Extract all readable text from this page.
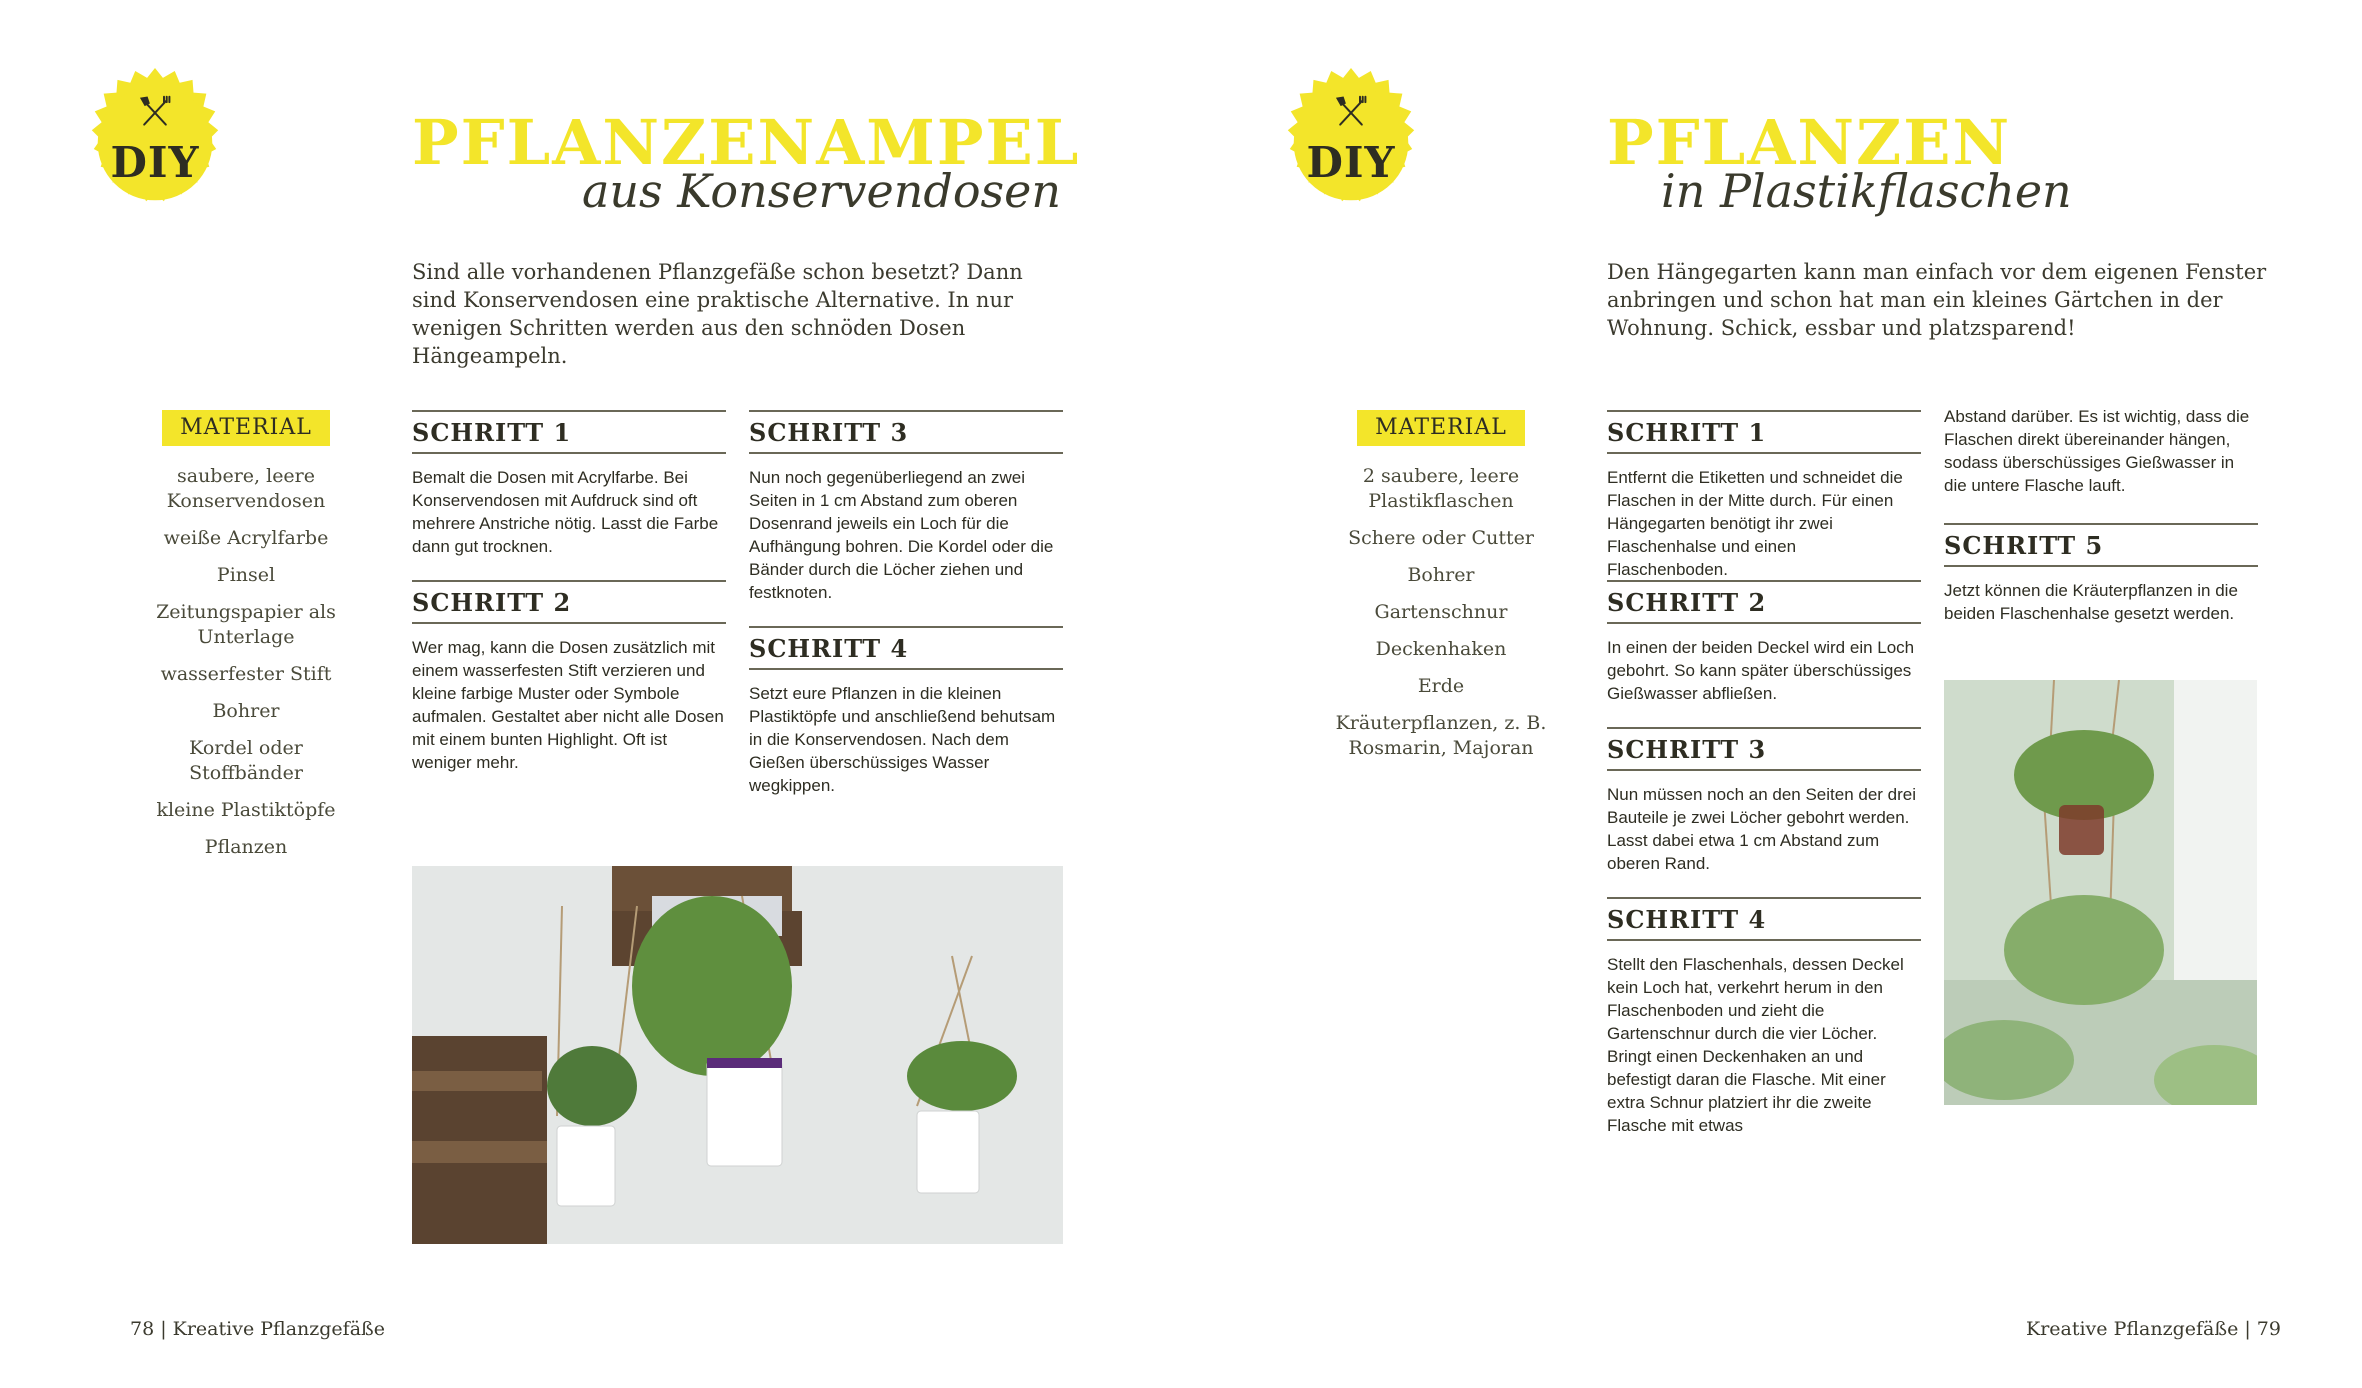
DIY	PFLANZENAMPEL
aus Konservendosen

Sind alle vorhandenen Pflanzgefäße schon besetzt? Dann sind Konservendosen eine praktische Alternative. In nur wenigen Schritten werden aus den schnöden Dosen Hängeampeln.

MATERIAL
saubere, leere Konservendosen
weiße Acrylfarbe
Pinsel
Zeitungspapier als Unterlage
wasserfester Stift
Bohrer
Kordel oder Stoffbänder
kleine Plastiktöpfe
Pflanzen
SCHRITT 1

Bemalt die Dosen mit Acrylfarbe. Bei Konservendosen mit Aufdruck sind oft mehrere Anstriche nötig. Lasst die Farbe dann gut trocknen.

SCHRITT 2

Wer mag, kann die Dosen zusätzlich mit einem wasserfesten Stift verzieren und kleine farbige Muster oder Symbole aufmalen. Gestaltet aber nicht alle Dosen mit einem bunten Highlight. Oft ist weniger mehr.

SCHRITT 3

Nun noch gegenüberliegend an zwei Seiten in 1 cm Abstand zum oberen Dosenrand jeweils ein Loch für die Aufhängung bohren. Die Kordel oder die Bänder durch die Löcher ziehen und festknoten.

SCHRITT 4

Setzt eure Pflanzen in die kleinen Plastiktöpfe und anschließend behutsam in die Konservendosen. Nach dem Gießen überschüssiges Wasser wegkippen.

78 | Kreative Pflanzgefäße

DIY	PFLANZEN
in Plastikflaschen

Den Hängegarten kann man einfach vor dem eigenen Fenster anbringen und schon hat man ein kleines Gärtchen in der Wohnung. Schick, essbar und platzsparend!

MATERIAL
2 saubere, leere Plastikflaschen
Schere oder Cutter
Bohrer
Gartenschnur
Deckenhaken
Erde
Kräuterpflanzen, z. B. Rosmarin, Majoran
SCHRITT 1

Entfernt die Etiketten und schneidet die Flaschen in der Mitte durch. Für einen Hängegarten benötigt ihr zwei Flaschenhalse und einen Flaschenboden.

SCHRITT 2

In einen der beiden Deckel wird ein Loch gebohrt. So kann später überschüssiges Gießwasser abfließen.

SCHRITT 3

Nun müssen noch an den Seiten der drei Bauteile je zwei Löcher gebohrt werden. Lasst dabei etwa 1 cm Abstand zum oberen Rand.

SCHRITT 4

Stellt den Flaschenhals, dessen Deckel kein Loch hat, verkehrt herum in den Flaschenboden und zieht die Gartenschnur durch die vier Löcher. Bringt einen Deckenhaken an und befestigt daran die Flasche. Mit einer extra Schnur platziert ihr die zweite Flasche mit etwas

Abstand darüber. Es ist wichtig, dass die Flaschen direkt übereinander hängen, sodass überschüssiges Gießwasser in die untere Flasche lauft.

SCHRITT 5

Jetzt können die Kräuterpflanzen in die beiden Flaschenhalse gesetzt werden.

Kreative Pflanzgefäße | 79
